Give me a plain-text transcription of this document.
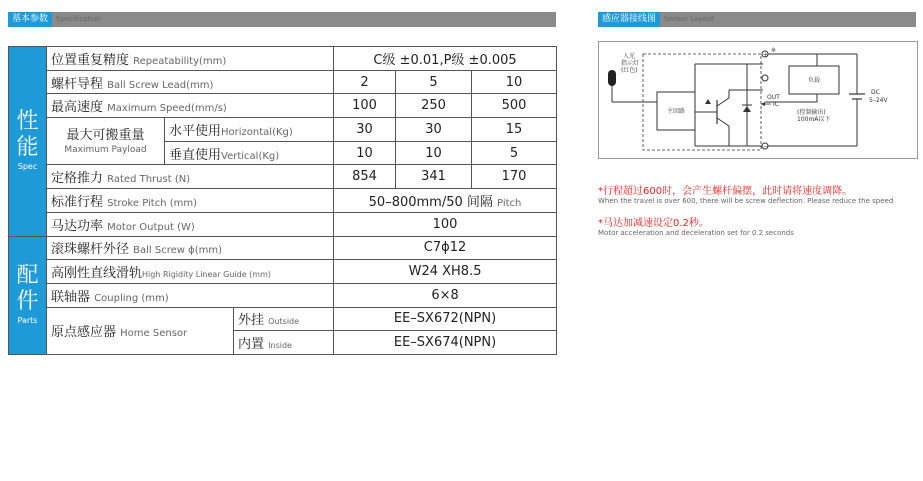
基本参数 Specification	感应器接线图 Sensor Layout
性
能
Spec	位置重复精度 Repeatability(mm)			C级 ±0.01,P级 ±0.005		
	螺杆导程 Ball Screw Lead(mm)			2	5	10
	最高速度 Maximum Speed(mm/s)			100	250	500

	最大可搬重量
Maximum Payload	水平使用Horizontal(Kg)		30	30	15
		垂直使用Vertical(Kg)		10	10	5
	定格推力 Rated Thrust (N)			854	341	170
	标准行程 Stroke Pitch (mm)			50–800mm/50 间隔 Pitch		
	马达功率 Motor Output (W)			100		

配
件
Parts	滚珠螺杆外径 Ball Screw ϕ(mm)			C7ϕ12		
	高刚性直线滑轨High Rigidity Linear Guide (mm)			W24 XH8.5		
	联轴器 Coupling (mm)			6×8		
	原点感应器 Home Sensor		外挂 Outside	EE–SX672(NPN)		
			内置 Inside	EE–SX674(NPN)		
入光 指示灯 (红色)
主回路
+
※
−
OUT
IC
负载
(控制输出)
100mA以下
DC
5–24V
*行程超过600时，会产生螺杆偏摆，此时请将速度调降。
When the travel is over 600, there will be screw deflection. Please reduce the speed
*马达加减速设定0.2秒。
Motor acceleration and deceleration set for 0.2 seconds
